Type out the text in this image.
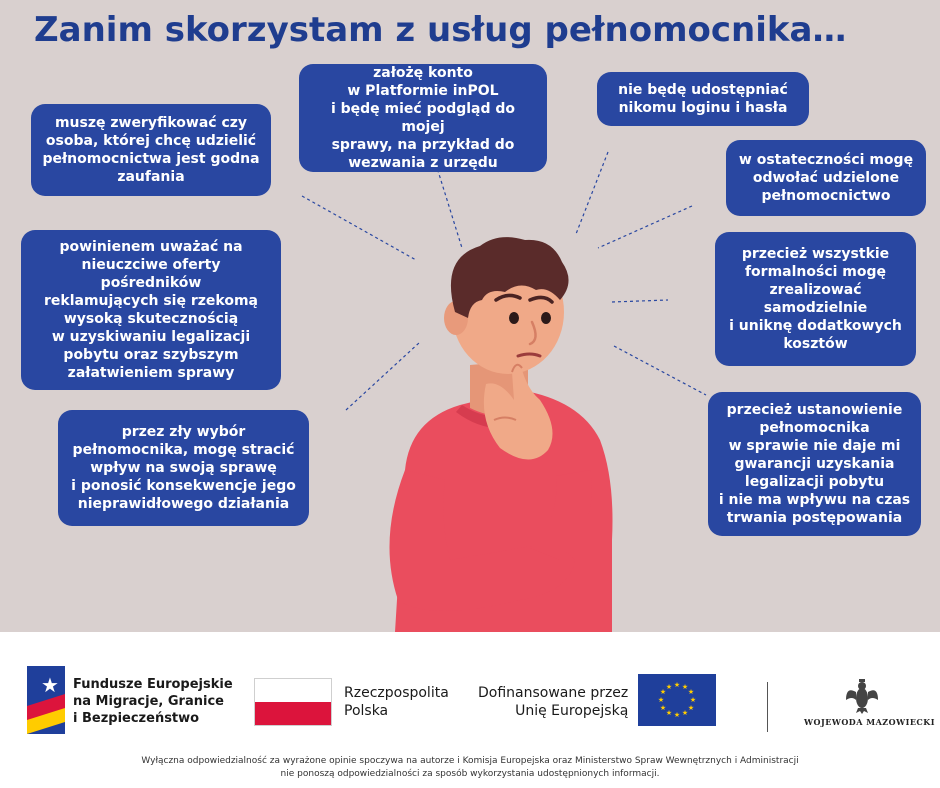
Zanim skorzystam z usług pełnomocnika…
muszę zweryfikować czy
osoba, której chcę udzielić
pełnomocnictwa jest godna
zaufania
założę konto
w Platformie inPOL
i będę mieć podgląd do mojej
sprawy, na przykład do
wezwania z urzędu
nie będę udostępniać
nikomu loginu i hasła
w ostateczności mogę
odwołać udzielone
pełnomocnictwo
powinienem uważać na
nieuczciwe oferty pośredników
reklamujących się rzekomą
wysoką skutecznością
w uzyskiwaniu legalizacji
pobytu oraz szybszym
załatwieniem sprawy
przecież wszystkie
formalności mogę
zrealizować
samodzielnie
i uniknę dodatkowych
kosztów
przez zły wybór
pełnomocnika, mogę stracić
wpływ na swoją sprawę
i ponosić konsekwencje jego
nieprawidłowego działania
przecież ustanowienie
pełnomocnika
w sprawie nie daje mi
gwarancji uzyskania
legalizacji pobytu
i nie ma wpływu na czas
trwania postępowania
★ Fundusze Europejskie
na Migracje, Granice
i Bezpieczeństwo
Rzeczpospolita
Polska
Dofinansowane przez
Unię Europejską
★ ★
★
★
★
★
★
★
★
★
★
★
WOJEWODA MAZOWIECKI
Wyłączna odpowiedzialność za wyrażone opinie spoczywa na autorze i Komisja Europejska oraz Ministerstwo Spraw Wewnętrznych i Administracji
nie ponoszą odpowiedzialności za sposób wykorzystania udostępnionych informacji.
